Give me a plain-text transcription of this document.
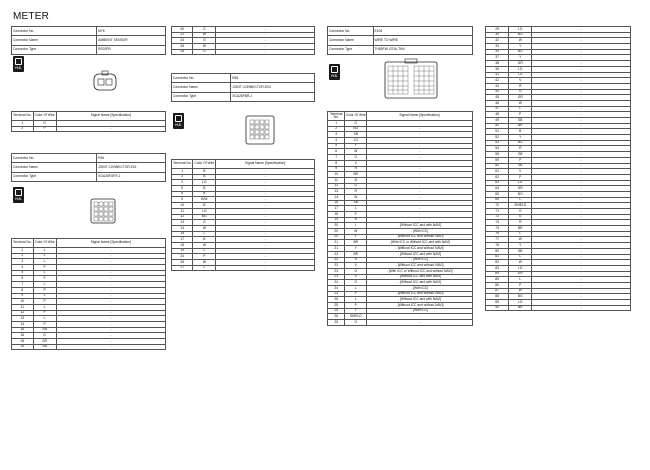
METER
Connector No.	M76
Connector Name	AMBIENT SENSOR
Connector Type	RS02FB
H.S.
Terminal No.	Color Of Wire	Signal Name [Specification]
1	G	-
2	P	-
Connector No.	E96
Connector Name	JOINT CONNECTOR-E01
Connector Type	SGA26FGRY-J
H.S.
Terminal No.	Color Of Wire	Signal Name [Specification]
1	L	-
2	L	-
3	L	-
4	P	-
5	L	-
6	P	-
7	L	-
8	P	-
9	L	-
10	P	-
11	L	-
12	P	-
13	L	-
14	P	-
15	SB	-
16	G	-
18	GR	-
19	SB	-
20	G	-
22	W	-
24	G	-
26	W	-
28	G	-
Connector No.	E98
Connector Name	JOINT CONNECTOR-E04
Connector Type	SGA26FBR-J
H.S.
Terminal No.	Color Of Wire	Signal Name [Specification]
1	B	-
2	B	-
3	LG	-
5	B	-
6	B	-
9	B/W	-
10	B	-
11	LG	-
12	BG	-
13	G	-
14	W	-
15	L	-
17	B	-
18	W	-
19	L	-
24	P	-
26	W	-
27	L	-
Connector No.	E106
Connector Name	WIRE TO WIRE
Connector Type	TH80FW-CS16-TM4
H.S.
Terminal No.	Color Of Wire	Signal Name [Specification]
1	G	-
2	BG	-
3	SB	-
4	LG	-
5	Y	-
6	W	-
7	G	-
8	V	-
9	R	-
10	BR	-
11	B	-
12	G	-
13	R	-
14	W	-
16	SB	-
17	L	-
18	P	-
19	R	-
20	L	- [Without ICC and with NAVI]
20	W	- [With ICC]
20	Y	- [Without ICC and without NAVI]
21	BR	- [With ICC or Without ICC and with NAVI]
21	Y	- [Without ICC and without NAVI]
22	BR	- [Without ICC and with NAVI]
22	R	- [With ICC]
22	V	- [Without ICC and without NAVI]
23	G	- [With ICC or Without ICC and without NAVI]
23	V	- [Without ICC and with NAVI]
24	G	- [Without ICC and with NAVI]
24	L	- [With ICC]
24	P	- [Without ICC and without NAVI]
25	L	- [Without ICC and with NAVI]
25	P	- [Without ICC and without NAVI]
25	Y	- [With ICC]
26	SHIELD	-
28	G	-
29	LG	-
30	BG	-
32	W	-
33	Y	-
34	BG	-
37	Y	-
38	GR	-
39	LG	-
41	LG	-
42	V	-
43	R	-
44	G	-
45	GR	-
46	W	-
47	L	-
48	P	-
49	SB	-
50	BR	-
51	B	-
52	Y	-
53	BG	-
54	R	-
55	SB	-
59	P	-
60	SB	-
61	V	-
62	P	-
63	LG	-
64	GR	-
65	BG	-
69	L	-
70	SHIELD	-
71	G	-
72	G	-
73	R	-
74	BR	-
76	L	-
77	W	-
78	Y	-
80	SB	-
81	L	-
82	W	-
83	LG	-
84	GR	-
85	L	-
86	P	-
87	W	-
88	BG	-
89	LG	-
90	BR	-
